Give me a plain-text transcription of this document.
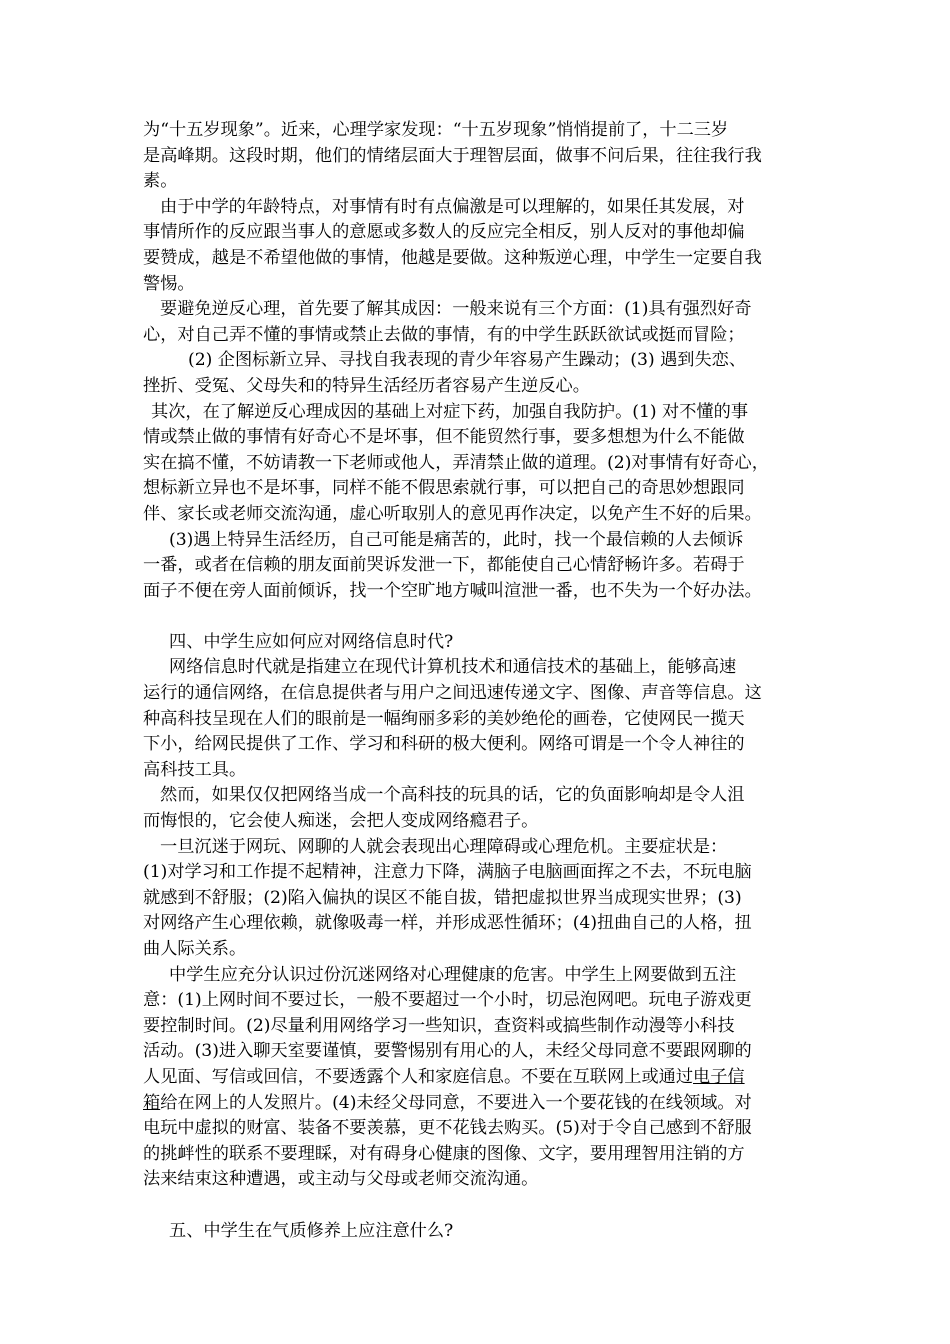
为“十五岁现象”。近来，心理学家发现：“十五岁现象”悄悄提前了，十二三岁
是高峰期。这段时期，他们的情绪层面大于理智层面，做事不问后果，往往我行我
素。
由于中学的年龄特点，对事情有时有点偏激是可以理解的，如果任其发展，对
事情所作的反应跟当事人的意愿或多数人的反应完全相反，别人反对的事他却偏
要赞成，越是不希望他做的事情，他越是要做。这种叛逆心理，中学生一定要自我
警惕。
要避免逆反心理，首先要了解其成因：一般来说有三个方面：(1)具有强烈好奇
心，对自己弄不懂的事情或禁止去做的事情，有的中学生跃跃欲试或挺而冒险；
(2) 企图标新立异、寻找自我表现的青少年容易产生躁动；(3) 遇到失恋、
挫折、受冤、父母失和的特异生活经历者容易产生逆反心。
其次，在了解逆反心理成因的基础上对症下药，加强自我防护。(1) 对不懂的事
情或禁止做的事情有好奇心不是坏事，但不能贸然行事，要多想想为什么不能做
实在搞不懂，不妨请教一下老师或他人，弄清禁止做的道理。(2)对事情有好奇心，
想标新立异也不是坏事，同样不能不假思索就行事，可以把自己的奇思妙想跟同
伴、家长或老师交流沟通，虚心听取别人的意见再作决定，以免产生不好的后果。
(3)遇上特异生活经历，自己可能是痛苦的，此时，找一个最信赖的人去倾诉
一番，或者在信赖的朋友面前哭诉发泄一下，都能使自己心情舒畅许多。若碍于
面子不便在旁人面前倾诉，找一个空旷地方喊叫渲泄一番，也不失为一个好办法。
四、中学生应如何应对网络信息时代?
网络信息时代就是指建立在现代计算机技术和通信技术的基础上，能够高速
运行的通信网络，在信息提供者与用户之间迅速传递文字、图像、声音等信息。这
种高科技呈现在人们的眼前是一幅绚丽多彩的美妙绝伦的画卷，它使网民一揽天
下小，给网民提供了工作、学习和科研的极大便利。网络可谓是一个令人神往的
高科技工具。
然而，如果仅仅把网络当成一个高科技的玩具的话，它的负面影响却是令人沮
而悔恨的，它会使人痴迷，会把人变成网络瘾君子。
一旦沉迷于网玩、网聊的人就会表现出心理障碍或心理危机。主要症状是：
(1)对学习和工作提不起精神，注意力下降，满脑子电脑画面挥之不去，不玩电脑
就感到不舒服；(2)陷入偏执的误区不能自拔，错把虚拟世界当成现实世界；(3)
对网络产生心理依赖，就像吸毒一样，并形成恶性循环；(4)扭曲自己的人格，扭
曲人际关系。
中学生应充分认识过份沉迷网络对心理健康的危害。中学生上网要做到五注
意：(1)上网时间不要过长，一般不要超过一个小时，切忌泡网吧。玩电子游戏更
要控制时间。(2)尽量利用网络学习一些知识，查资料或搞些制作动漫等小科技
活动。(3)进入聊天室要谨慎，要警惕别有用心的人，未经父母同意不要跟网聊的
人见面、写信或回信，不要透露个人和家庭信息。不要在互联网上或通过电子信
箱给在网上的人发照片。(4)未经父母同意，不要进入一个要花钱的在线领域。对
电玩中虚拟的财富、装备不要羡慕，更不花钱去购买。(5)对于令自己感到不舒服
的挑衅性的联系不要理睬，对有碍身心健康的图像、文字，要用理智用注销的方
法来结束这种遭遇，或主动与父母或老师交流沟通。
五、中学生在气质修养上应注意什么?
